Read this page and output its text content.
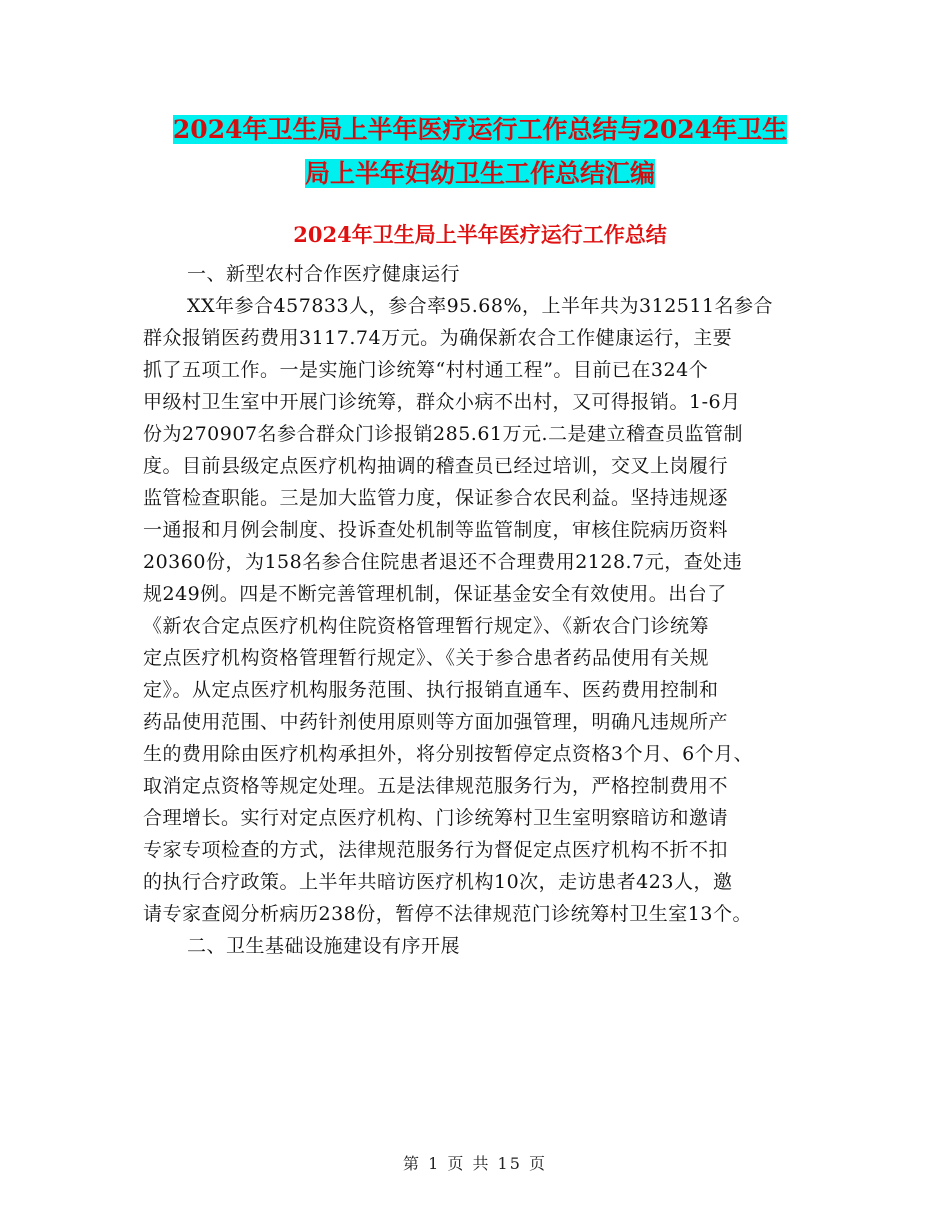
2024年卫生局上半年医疗运行工作总结与2024年卫生
局上半年妇幼卫生工作总结汇编
2024年卫生局上半年医疗运行工作总结
一、新型农村合作医疗健康运行
XX年参合457833人，参合率95.68%，上半年共为312511名参合
群众报销医药费用3117.74万元。为确保新农合工作健康运行，主要
抓了五项工作。一是实施门诊统筹“村村通工程”。目前已在324个
甲级村卫生室中开展门诊统筹，群众小病不出村，又可得报销。1-6月
份为270907名参合群众门诊报销285.61万元.二是建立稽查员监管制
度。目前县级定点医疗机构抽调的稽查员已经过培训，交叉上岗履行
监管检查职能。三是加大监管力度，保证参合农民利益。坚持违规逐
一通报和月例会制度、投诉查处机制等监管制度，审核住院病历资料
20360份，为158名参合住院患者退还不合理费用2128.7元，查处违
规249例。四是不断完善管理机制，保证基金安全有效使用。出台了
《新农合定点医疗机构住院资格管理暂行规定》、《新农合门诊统筹
定点医疗机构资格管理暂行规定》、《关于参合患者药品使用有关规
定》。从定点医疗机构服务范围、执行报销直通车、医药费用控制和
药品使用范围、中药针剂使用原则等方面加强管理，明确凡违规所产
生的费用除由医疗机构承担外，将分别按暂停定点资格3个月、6个月、
取消定点资格等规定处理。五是法律规范服务行为，严格控制费用不
合理增长。实行对定点医疗机构、门诊统筹村卫生室明察暗访和邀请
专家专项检查的方式，法律规范服务行为督促定点医疗机构不折不扣
的执行合疗政策。上半年共暗访医疗机构10次，走访患者423人，邀
请专家查阅分析病历238份，暂停不法律规范门诊统筹村卫生室13个。
二、卫生基础设施建设有序开展
第 1 页 共 15 页
